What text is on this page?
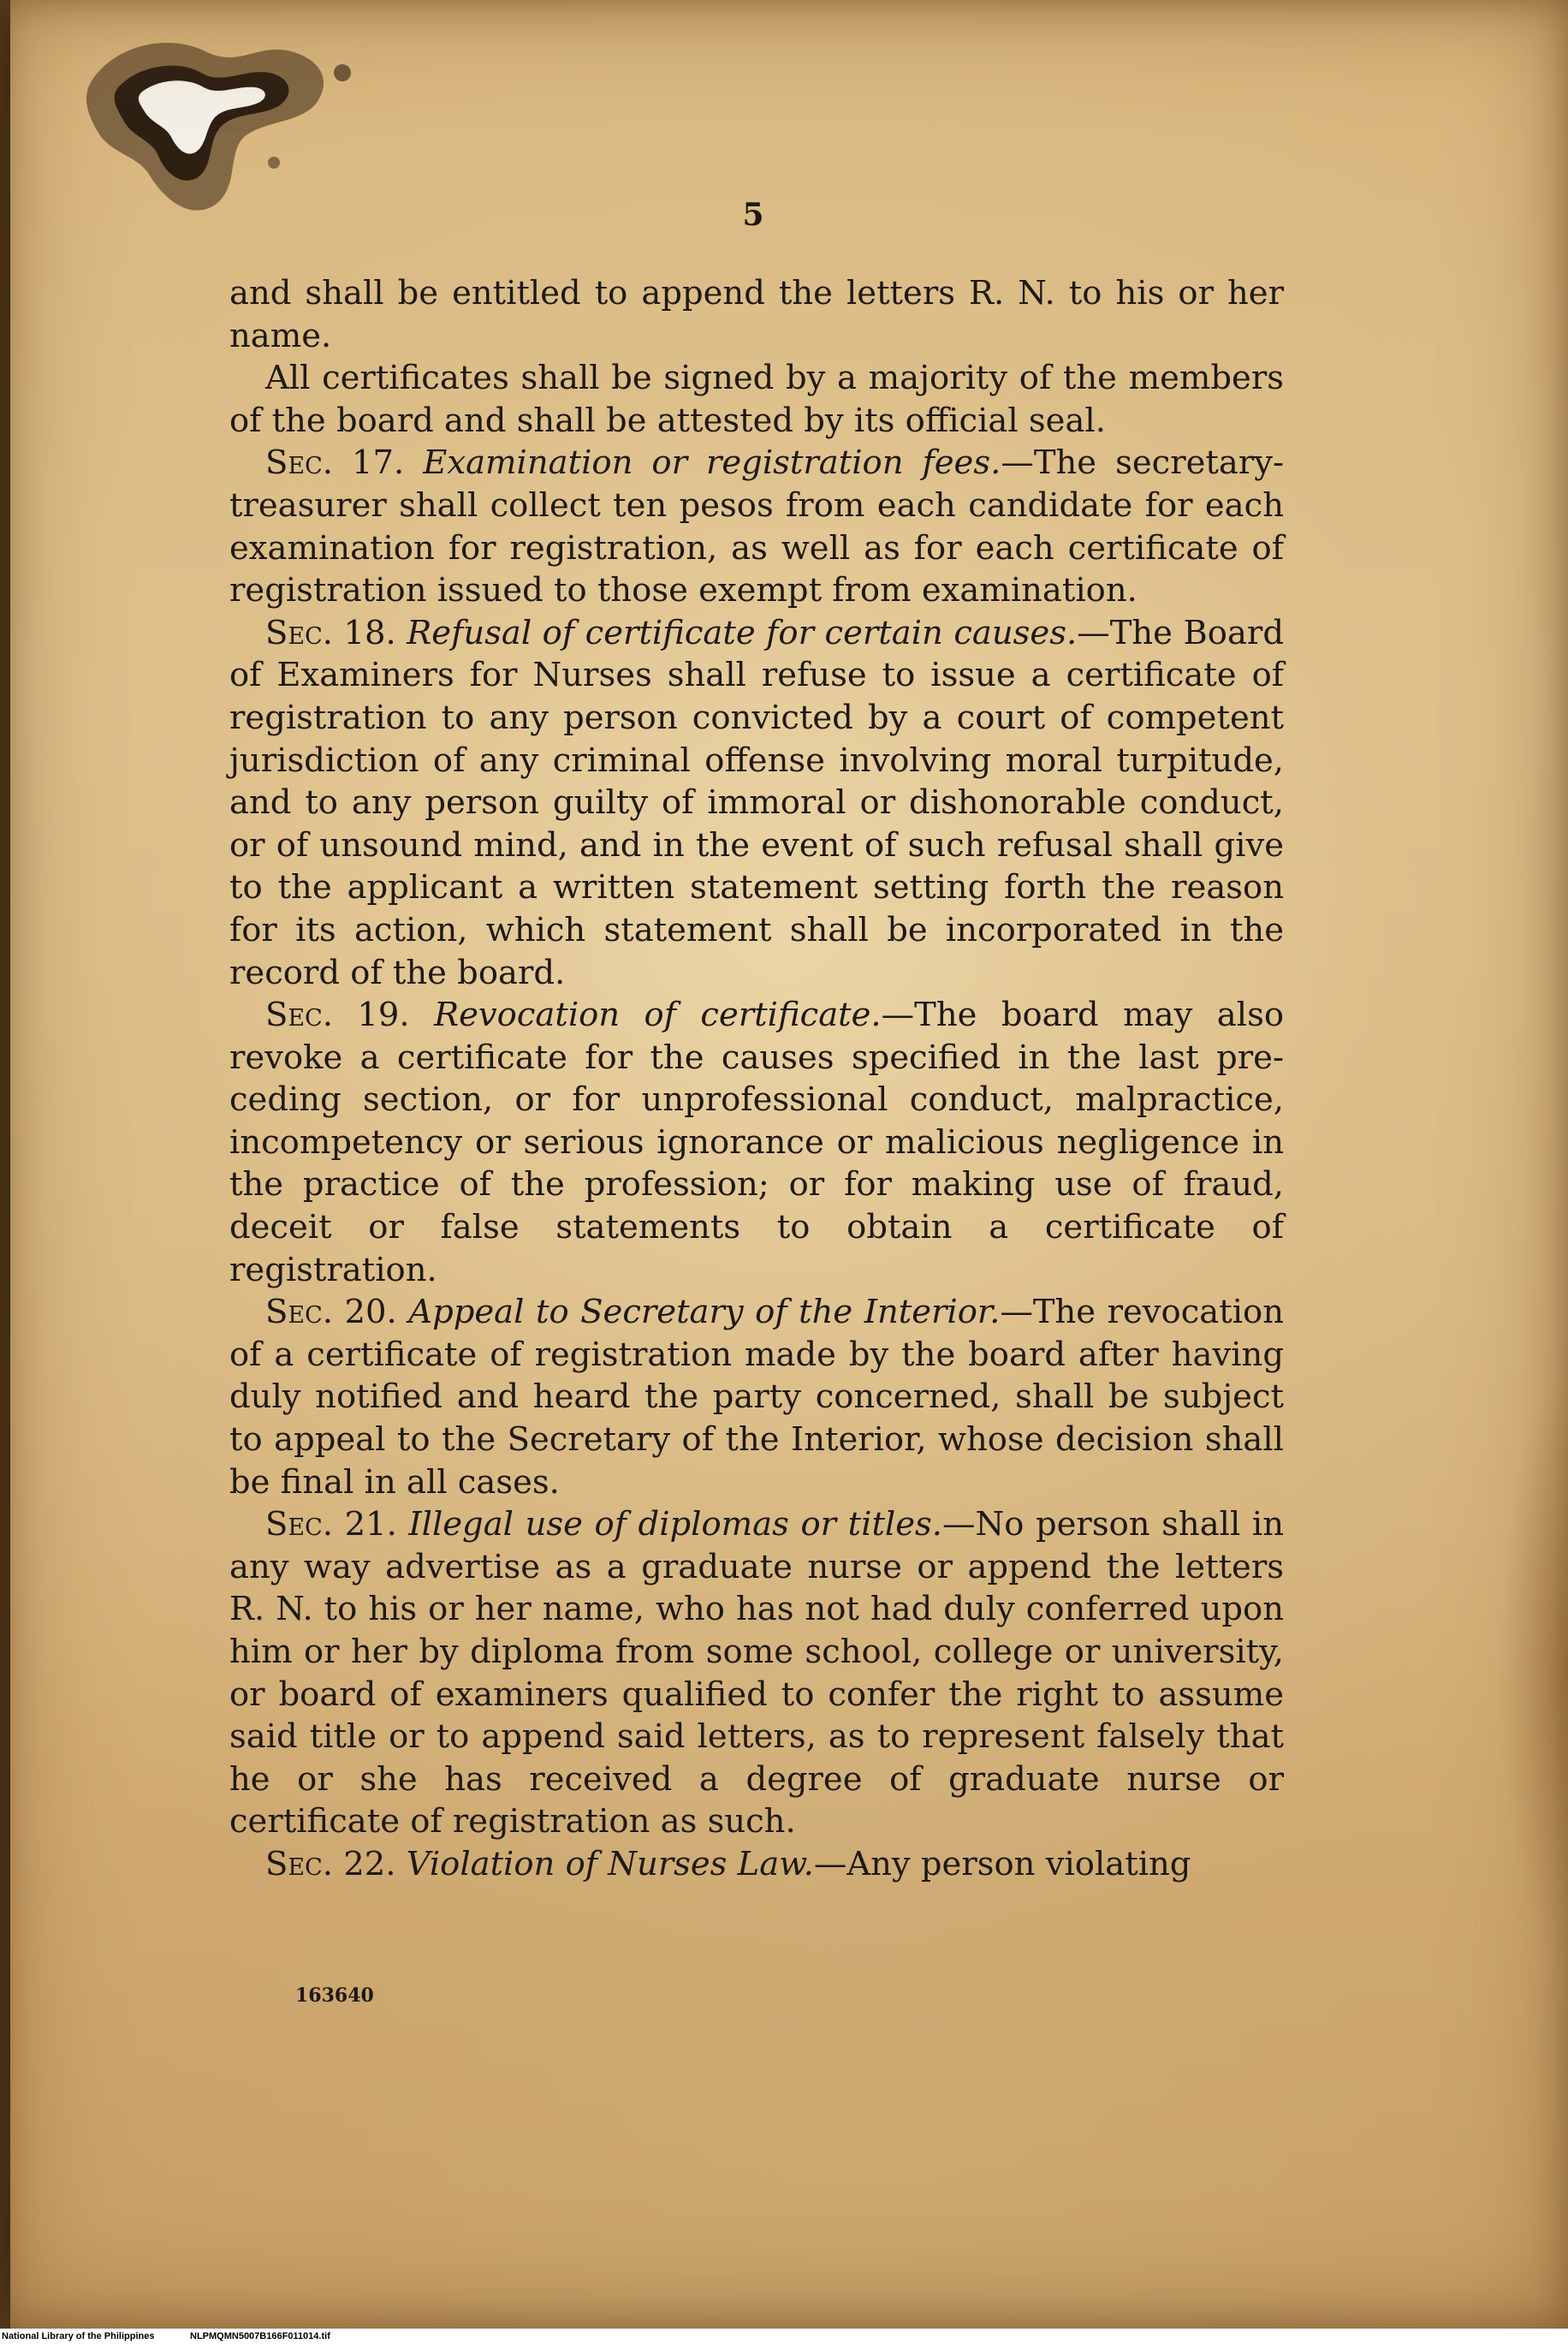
5

and shall be entitled to append the letters R. N. to his or her name.

All certificates shall be signed by a majority of the members of the board and shall be attested by its official seal.

Sec. 17. Examination or registration fees.—The secretary-treasurer shall collect ten pesos from each candidate for each examination for registration, as well as for each certificate of registration issued to those exempt from examination.

Sec. 18. Refusal of certificate for certain causes.—The Board of Examiners for Nurses shall refuse to issue a certificate of registration to any person convicted by a court of competent jurisdiction of any criminal offense involving moral turpitude, and to any person guilty of immoral or dishonorable conduct, or of unsound mind, and in the event of such refusal shall give to the applicant a written statement setting forth the reason for its action, which statement shall be incorporated in the record of the board.

Sec. 19. Revocation of certificate.—The board may also revoke a certificate for the causes specified in the last preceding section, or for unprofessional conduct, malpractice, incompetency or serious ignorance or malicious negligence in the practice of the profession; or for making use of fraud, deceit or false statements to obtain a certificate of registration.

Sec. 20. Appeal to Secretary of the Interior.—The revocation of a certificate of registration made by the board after having duly notified and heard the party concerned, shall be subject to appeal to the Secretary of the Interior, whose decision shall be final in all cases.

Sec. 21. Illegal use of diplomas or titles.—No person shall in any way advertise as a graduate nurse or append the letters R. N. to his or her name, who has not had duly conferred upon him or her by diploma from some school, college or university, or board of examiners qualified to confer the right to assume said title or to append said letters, as to represent falsely that he or she has received a degree of graduate nurse or certificate of registration as such.

Sec. 22. Violation of Nurses Law.—Any person violating

163640
National Library of the Philippines	NLPMQMN5007B166F011014.tif
